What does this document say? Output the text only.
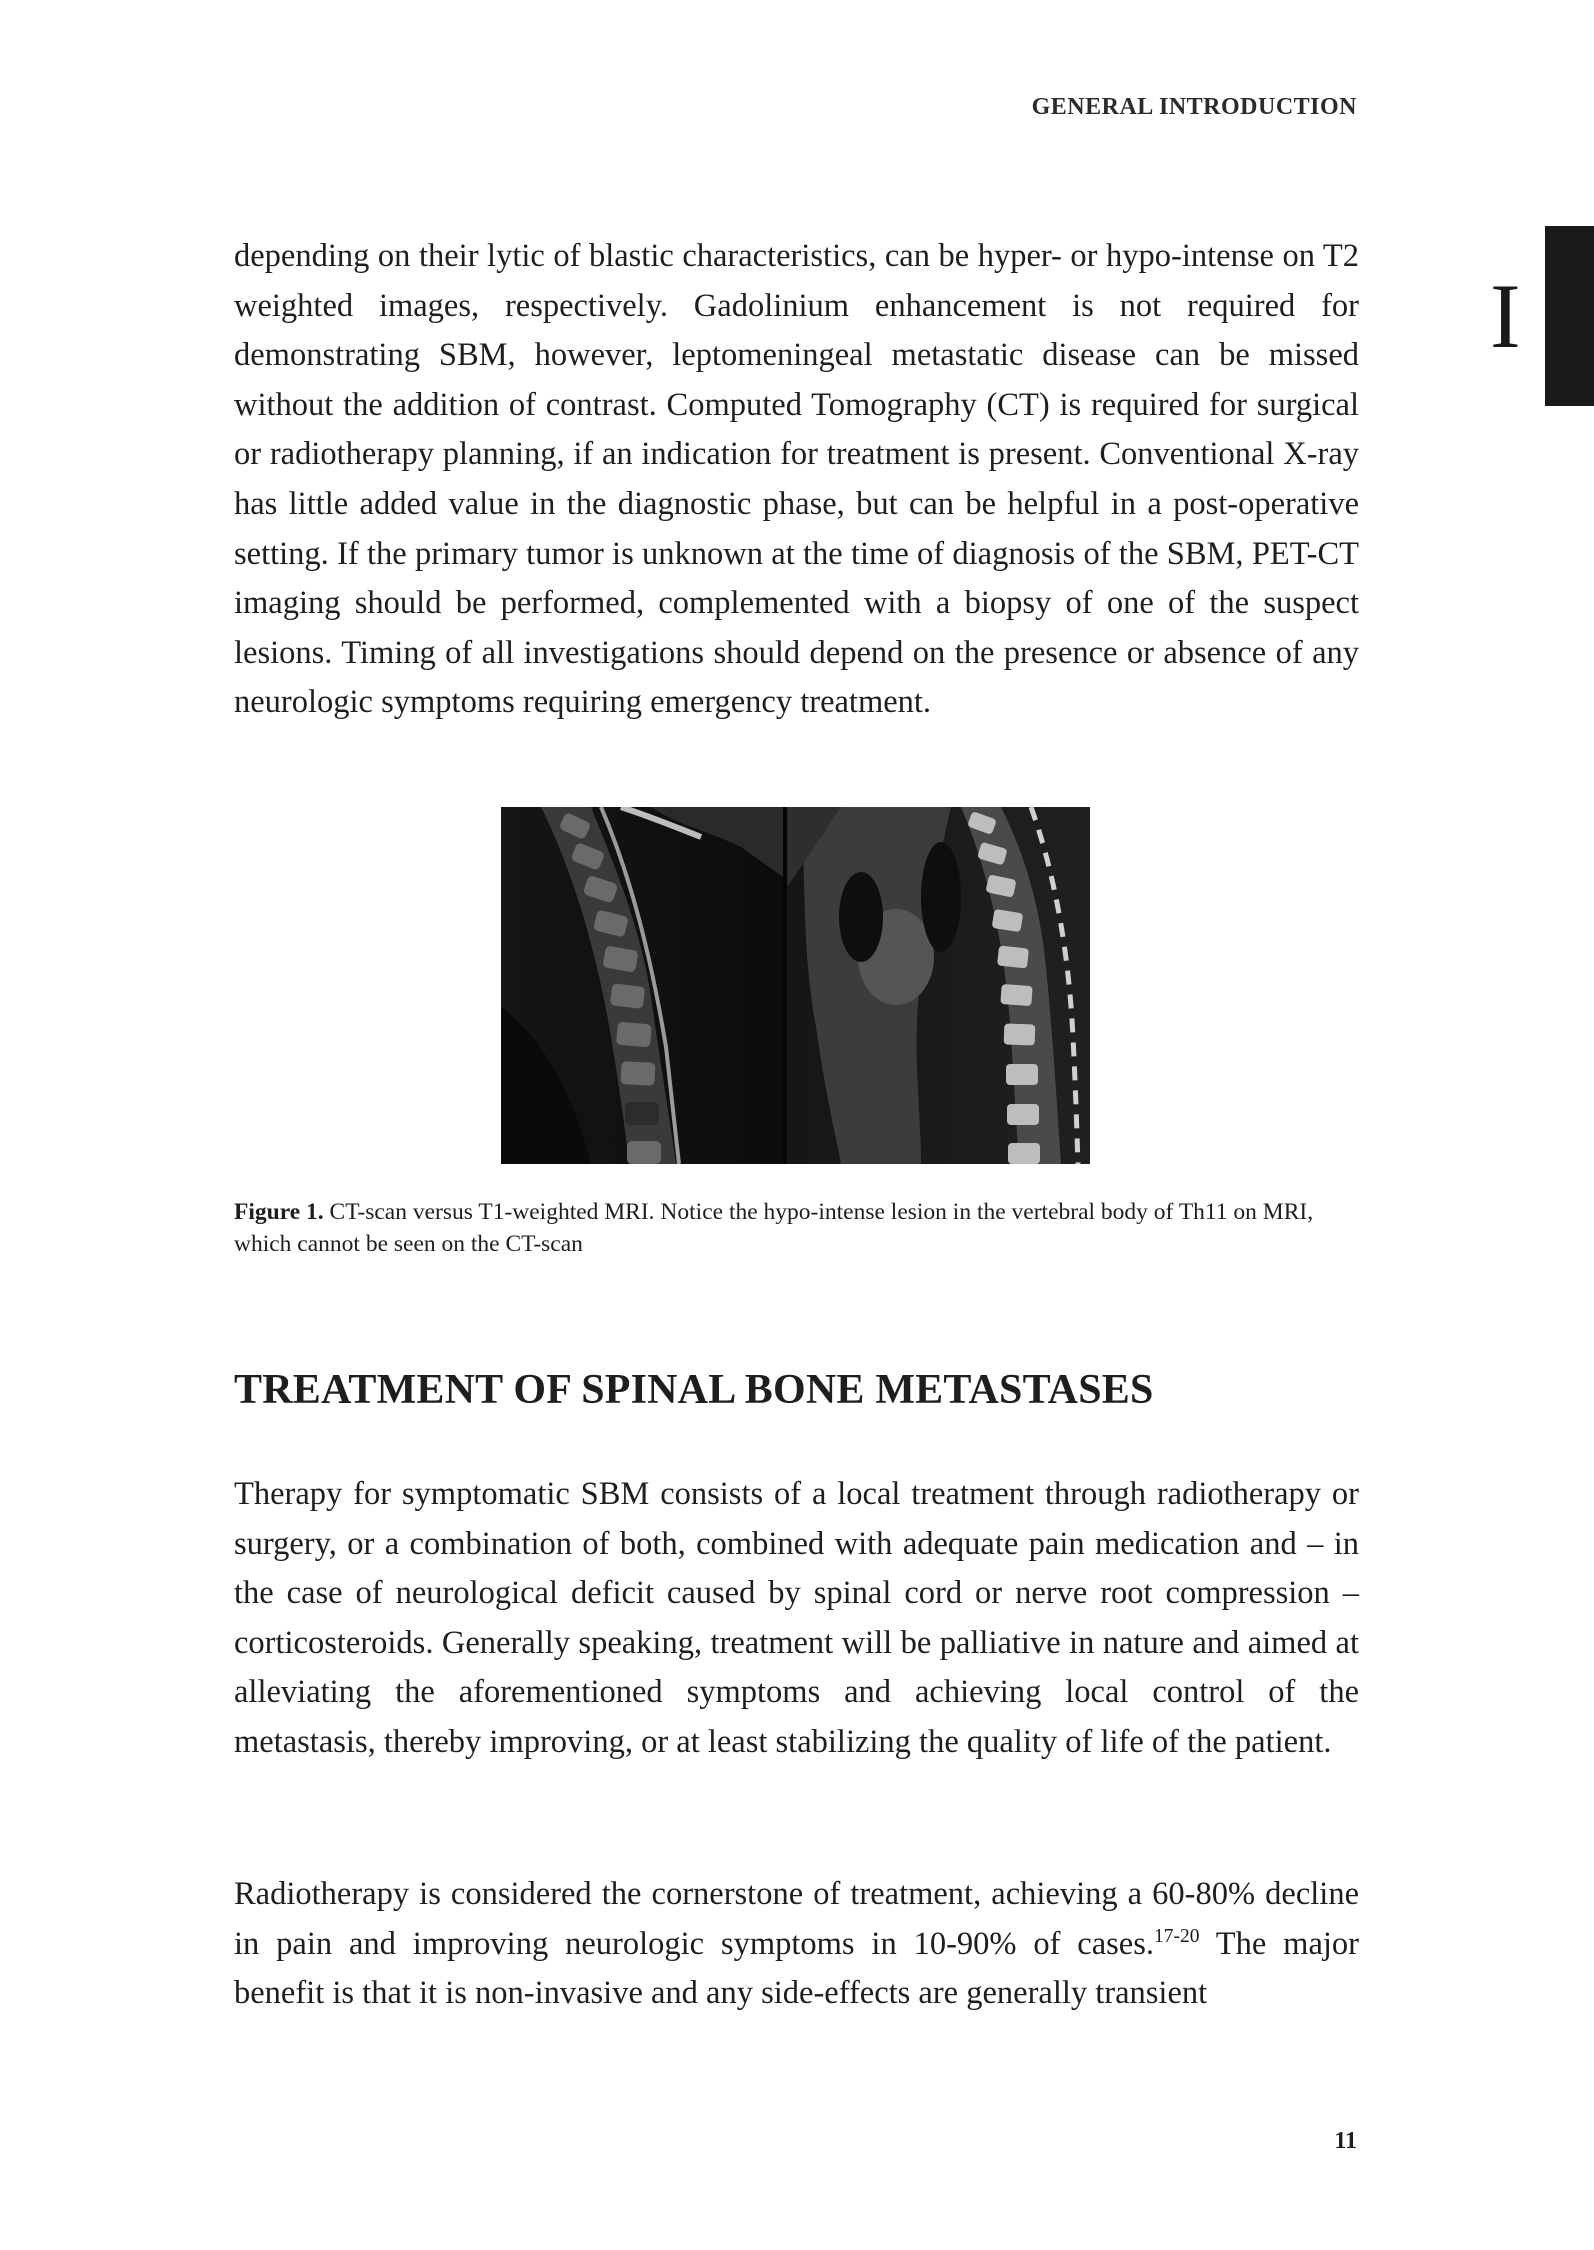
GENERAL INTRODUCTION
I

depending on their lytic of blastic characteristics, can be hyper- or hypo-intense on T2 weighted images, respectively. Gadolinium enhancement is not required for demonstrating SBM, however, leptomeningeal metastatic disease can be missed without the addition of contrast. Computed Tomography (CT) is required for surgical or radiotherapy planning, if an indication for treatment is present. Conventional X-ray has little added value in the diagnostic phase, but can be helpful in a post-operative setting. If the primary tumor is unknown at the time of diagnosis of the SBM, PET-CT imaging should be performed, complemented with a biopsy of one of the suspect lesions. Timing of all investigations should depend on the presence or absence of any neurologic symptoms requiring emergency treatment.

Figure 1. CT-scan versus T1-weighted MRI. Notice the hypo-intense lesion in the vertebral body of Th11 on MRI, which cannot be seen on the CT-scan

TREATMENT OF SPINAL BONE METASTASES

Therapy for symptomatic SBM consists of a local treatment through radiotherapy or surgery, or a combination of both, combined with adequate pain medication and – in the case of neurological deficit caused by spinal cord or nerve root compression – corticosteroids. Generally speaking, treatment will be palliative in nature and aimed at alleviating the aforementioned symptoms and achieving local control of the metastasis, thereby improving, or at least stabilizing the quality of life of the patient.

Radiotherapy is considered the cornerstone of treatment, achieving a 60-80% decline in pain and improving neurologic symptoms in 10-90% of cases.$^{17-20}$ The major benefit is that it is non-invasive and any side-effects are generally transient

11
